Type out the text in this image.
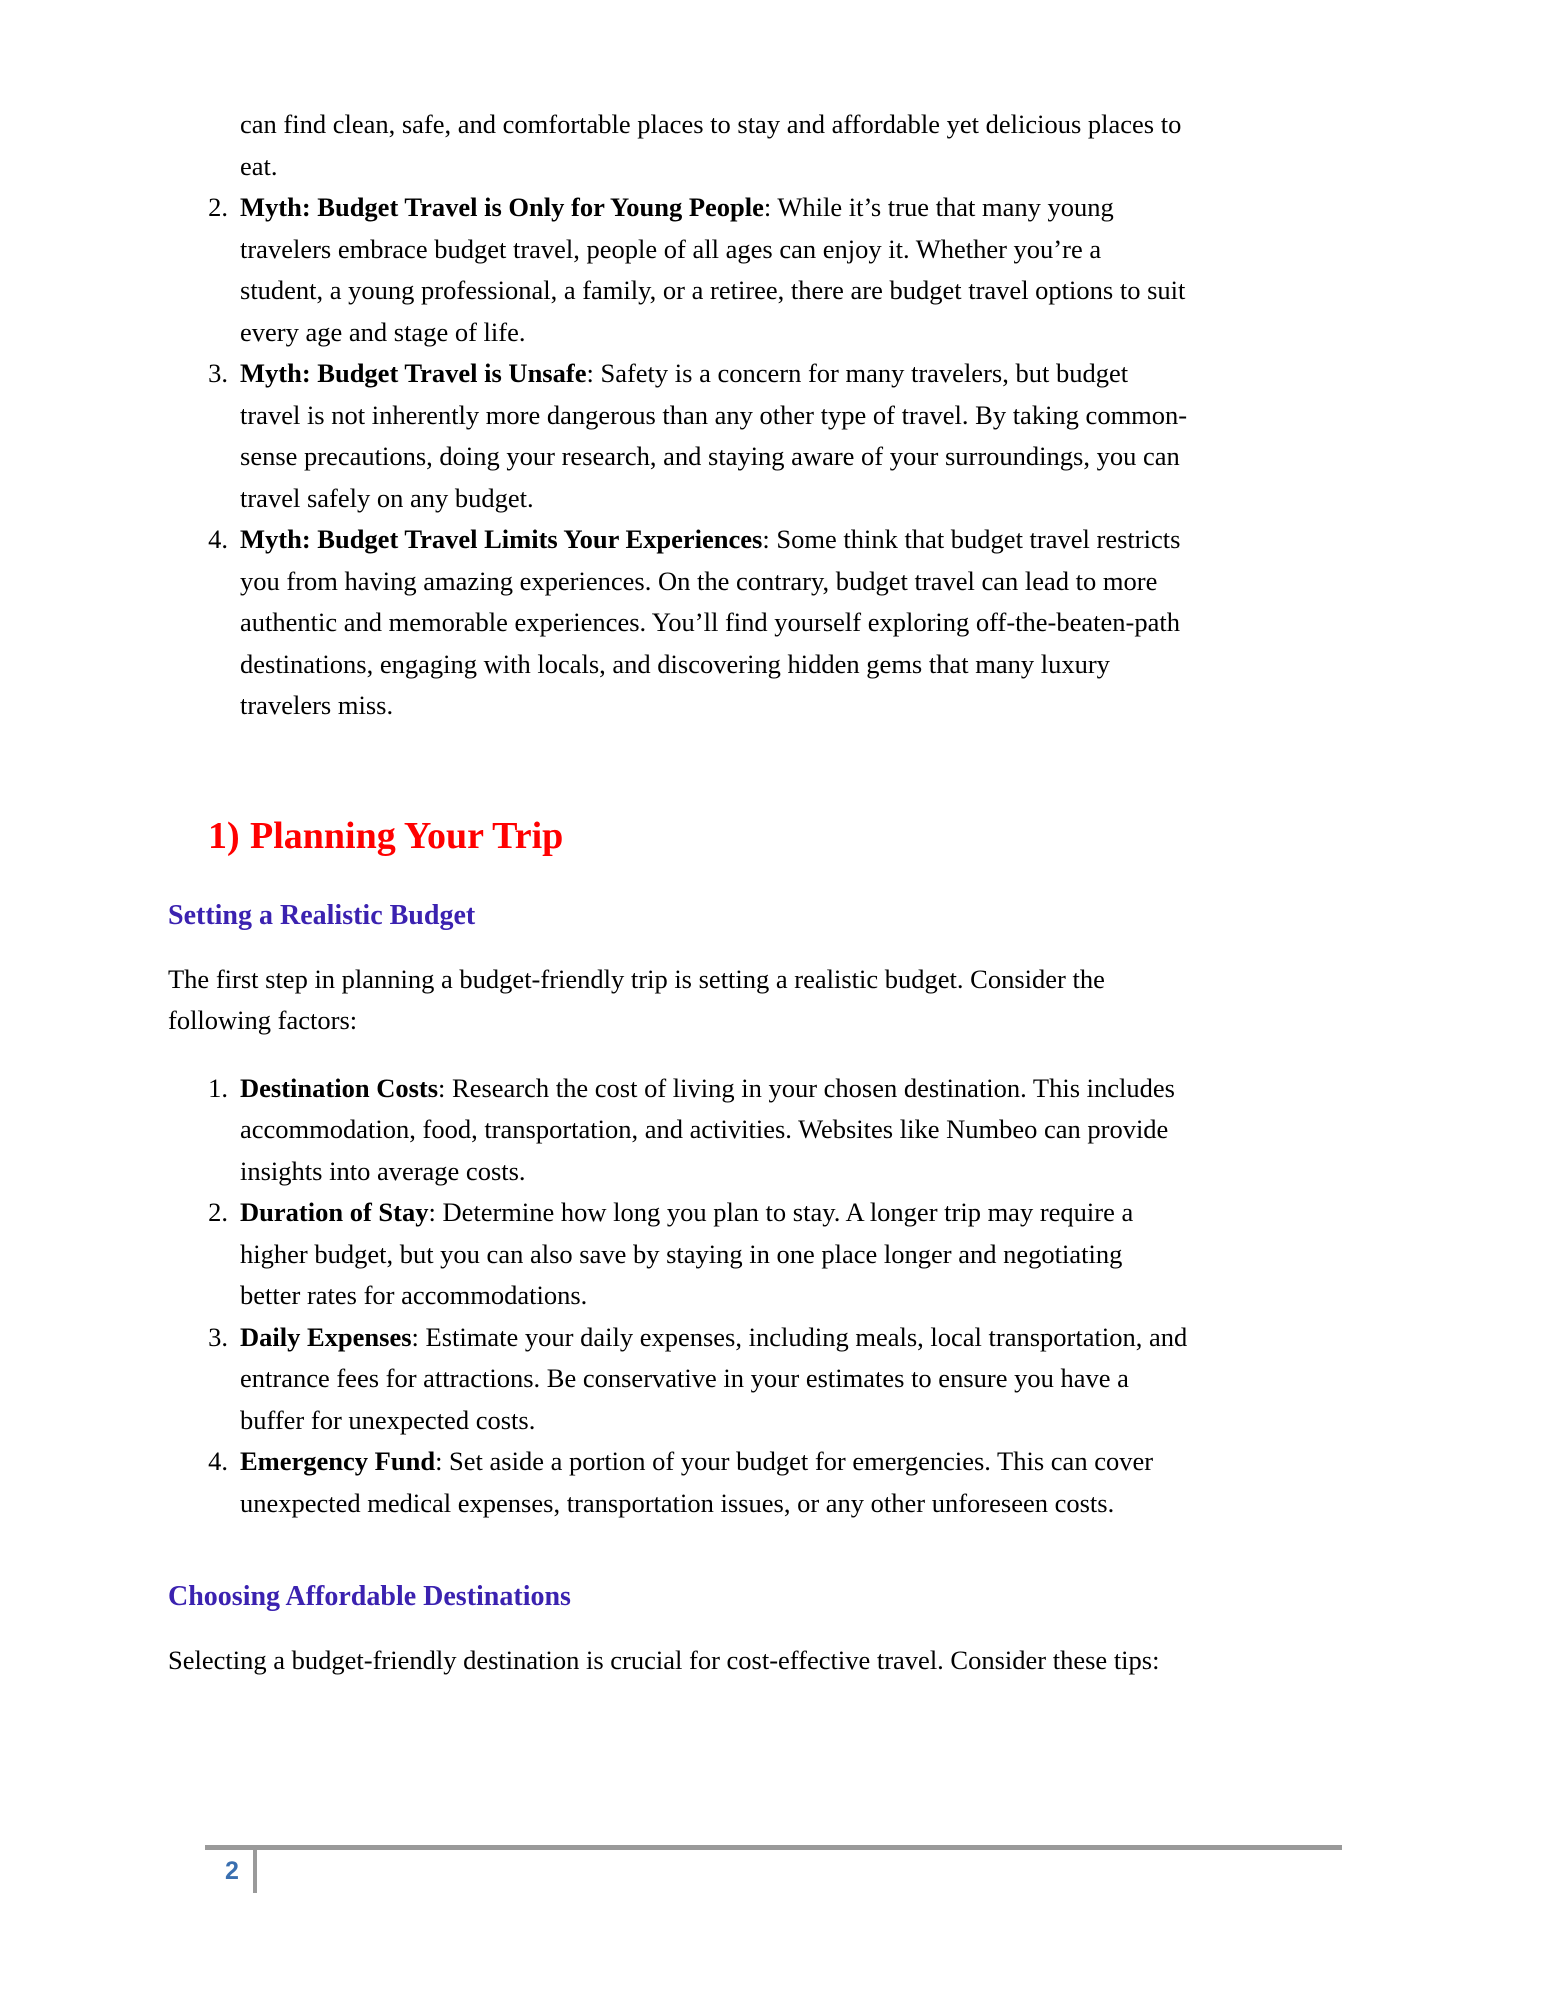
can find clean, safe, and comfortable places to stay and affordable yet delicious places to eat.
2. Myth: Budget Travel is Only for Young People: While it’s true that many young travelers embrace budget travel, people of all ages can enjoy it. Whether you’re a student, a young professional, a family, or a retiree, there are budget travel options to suit every age and stage of life.
3. Myth: Budget Travel is Unsafe: Safety is a concern for many travelers, but budget travel is not inherently more dangerous than any other type of travel. By taking common-sense precautions, doing your research, and staying aware of your surroundings, you can travel safely on any budget.
4. Myth: Budget Travel Limits Your Experiences: Some think that budget travel restricts you from having amazing experiences. On the contrary, budget travel can lead to more authentic and memorable experiences. You’ll find yourself exploring off-the-beaten-path destinations, engaging with locals, and discovering hidden gems that many luxury travelers miss.
1) Planning Your Trip
Setting a Realistic Budget

The first step in planning a budget-friendly trip is setting a realistic budget. Consider the following factors:

1. Destination Costs: Research the cost of living in your chosen destination. This includes accommodation, food, transportation, and activities. Websites like Numbeo can provide insights into average costs.
2. Duration of Stay: Determine how long you plan to stay. A longer trip may require a higher budget, but you can also save by staying in one place longer and negotiating better rates for accommodations.
3. Daily Expenses: Estimate your daily expenses, including meals, local transportation, and entrance fees for attractions. Be conservative in your estimates to ensure you have a buffer for unexpected costs.
4. Emergency Fund: Set aside a portion of your budget for emergencies. This can cover unexpected medical expenses, transportation issues, or any other unforeseen costs.
Choosing Affordable Destinations

Selecting a budget-friendly destination is crucial for cost-effective travel. Consider these tips:

2
